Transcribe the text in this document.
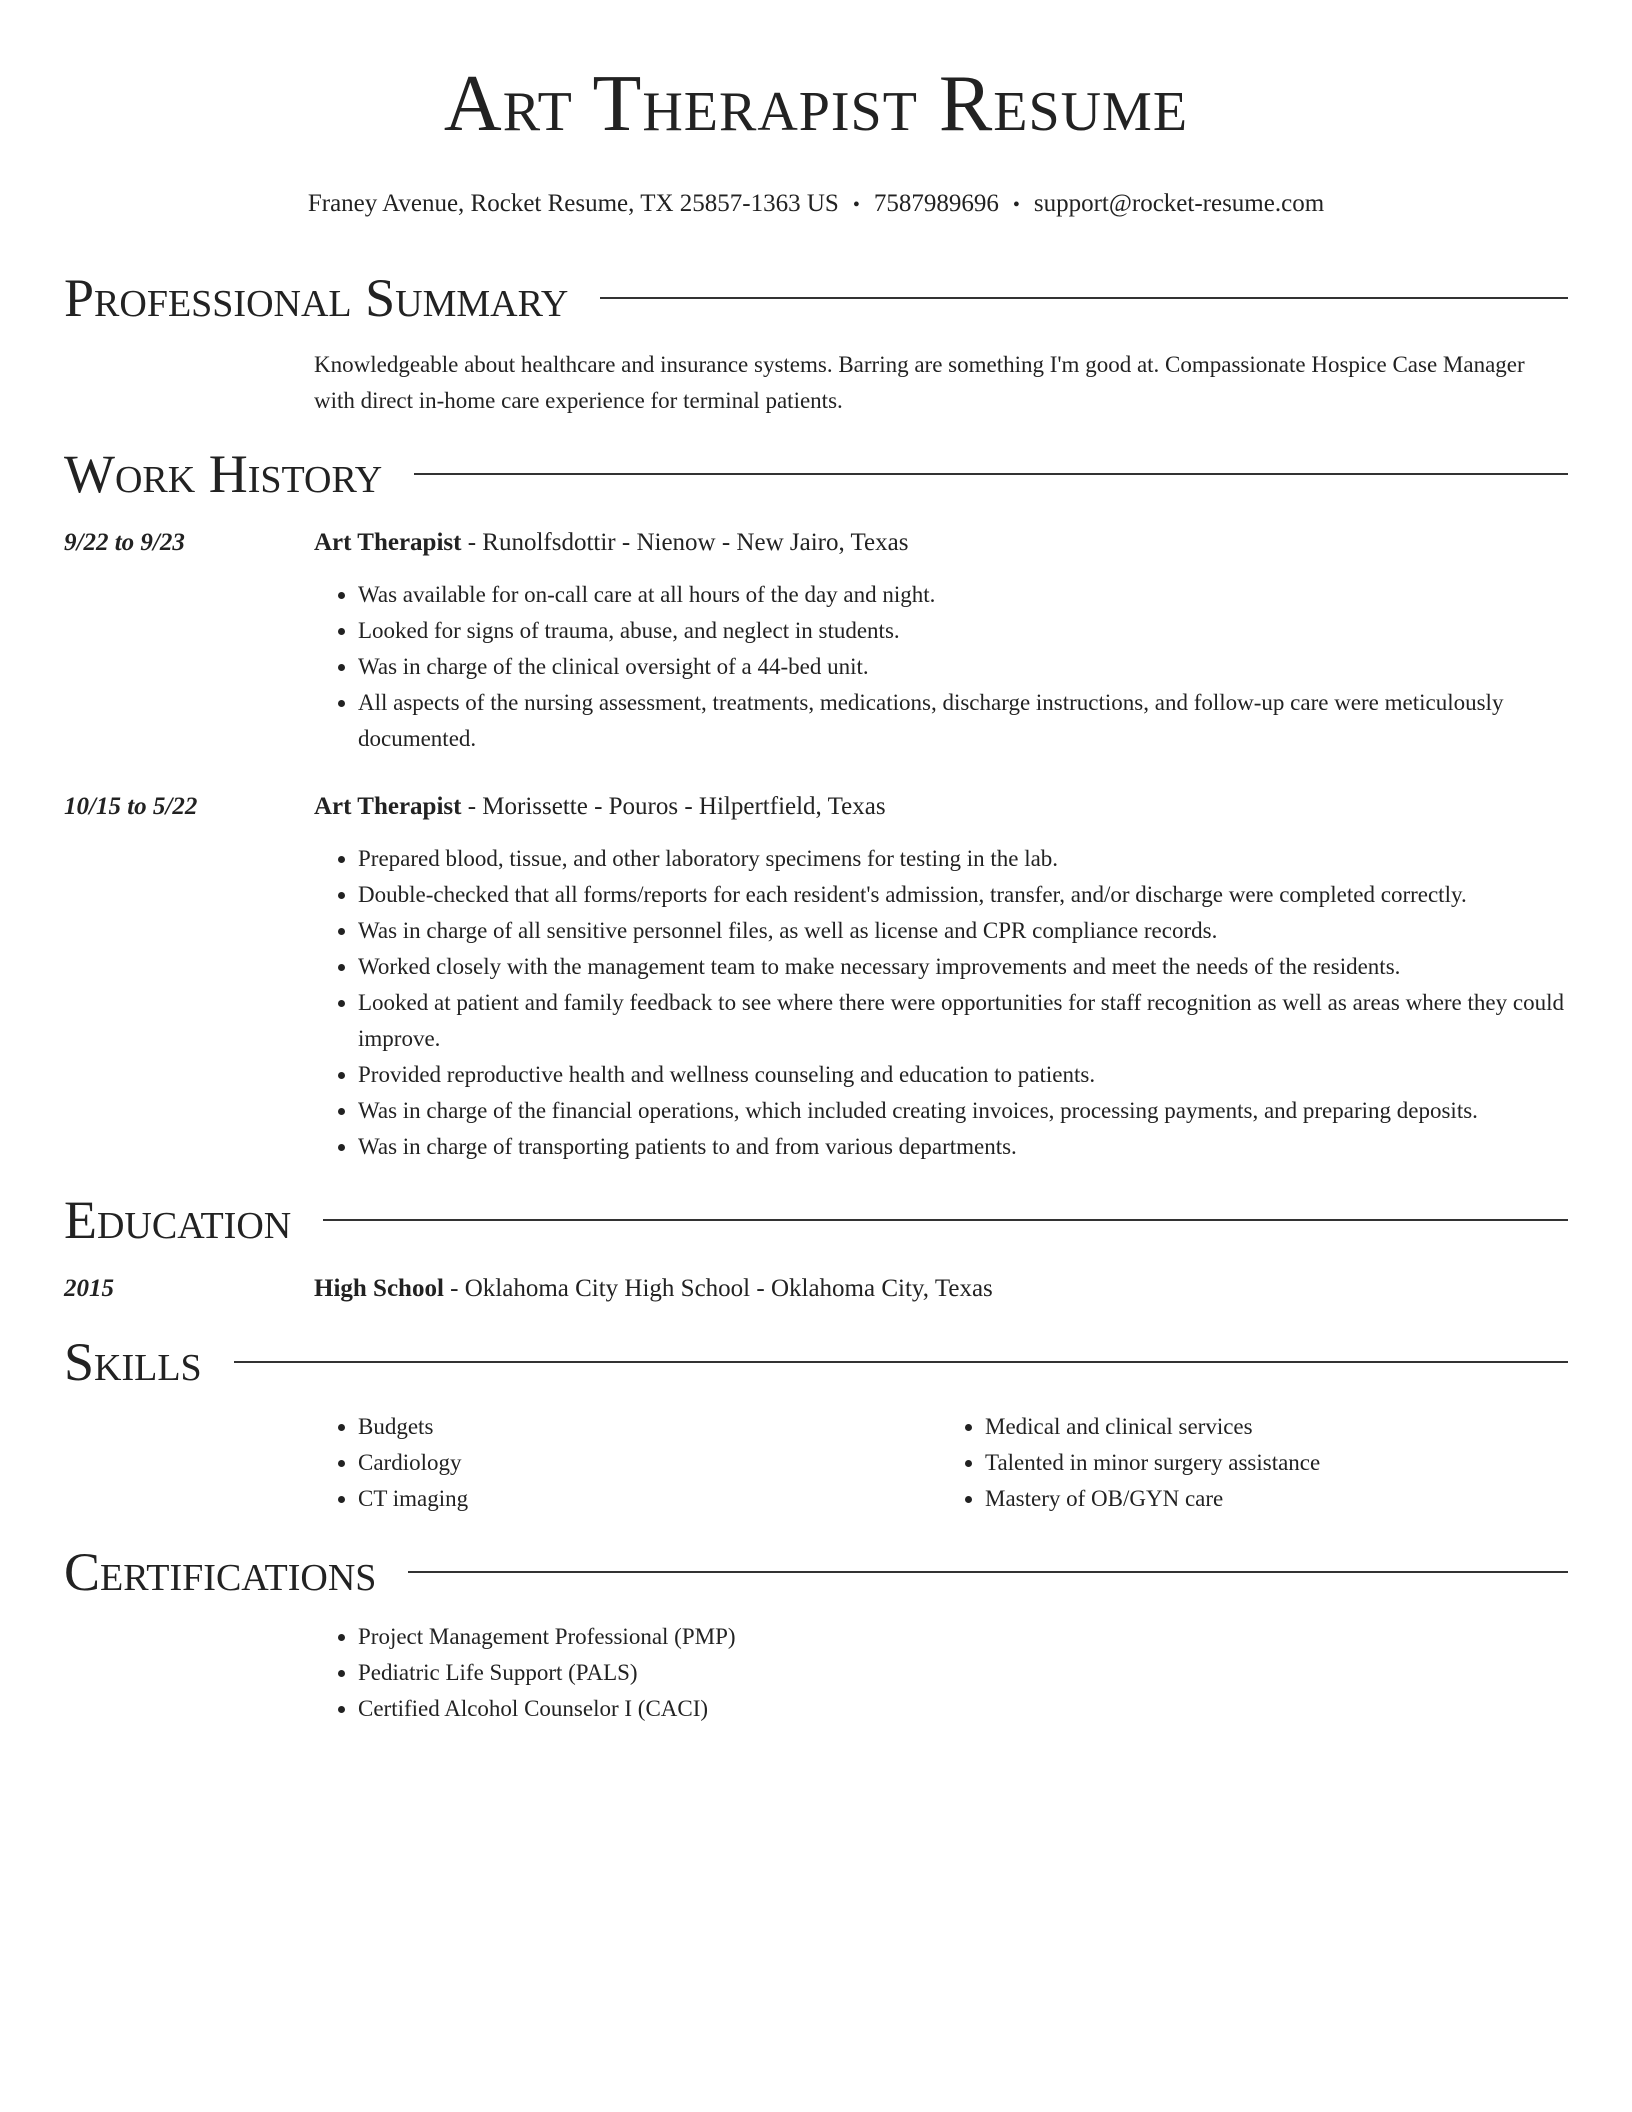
Art Therapist Resume
Franey Avenue, Rocket Resume, TX 25857-1363 US • 7587989696 • support@rocket-resume.com
Professional Summary
Knowledgeable about healthcare and insurance systems. Barring are something I'm good at. Compassionate Hospice Case Manager with direct in-home care experience for terminal patients.
Work History
9/22 to 9/23	Art Therapist - Runolfsdottir - Nienow - New Jairo, Texas
• Was available for on-call care at all hours of the day and night.
• Looked for signs of trauma, abuse, and neglect in students.
• Was in charge of the clinical oversight of a 44-bed unit.
• All aspects of the nursing assessment, treatments, medications, discharge instructions, and follow-up care were meticulously documented.
10/15 to 5/22	Art Therapist - Morissette - Pouros - Hilpertfield, Texas
• Prepared blood, tissue, and other laboratory specimens for testing in the lab.
• Double-checked that all forms/reports for each resident's admission, transfer, and/or discharge were completed correctly.
• Was in charge of all sensitive personnel files, as well as license and CPR compliance records.
• Worked closely with the management team to make necessary improvements and meet the needs of the residents.
• Looked at patient and family feedback to see where there were opportunities for staff recognition as well as areas where they could improve.
• Provided reproductive health and wellness counseling and education to patients.
• Was in charge of the financial operations, which included creating invoices, processing payments, and preparing deposits.
• Was in charge of transporting patients to and from various departments.
Education
2015	High School - Oklahoma City High School - Oklahoma City, Texas
Skills
• Budgets
• Cardiology
• CT imaging
• Medical and clinical services
• Talented in minor surgery assistance
• Mastery of OB/GYN care
Certifications
• Project Management Professional (PMP)
• Pediatric Life Support (PALS)
• Certified Alcohol Counselor I (CACI)
